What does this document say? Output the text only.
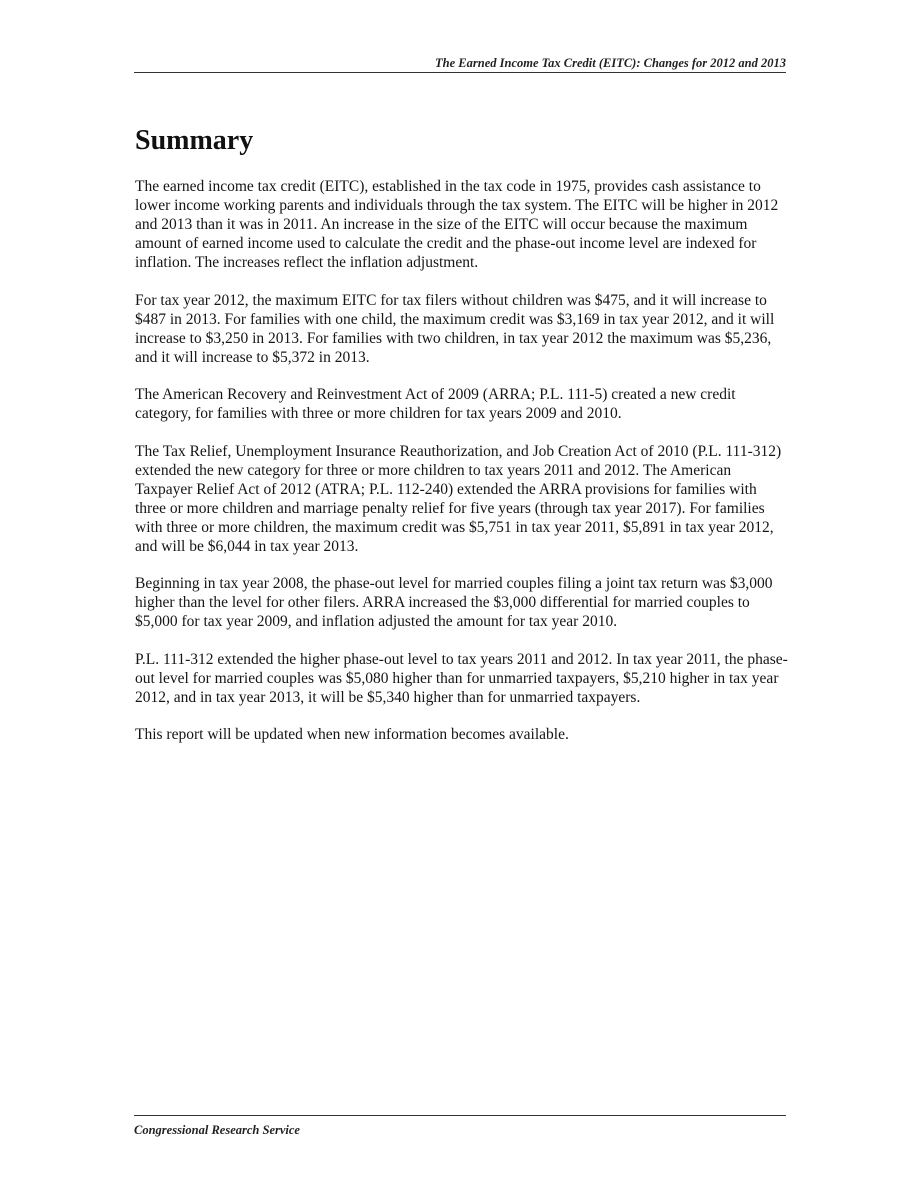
The Earned Income Tax Credit (EITC): Changes for 2012 and 2013
Summary

The earned income tax credit (EITC), established in the tax code in 1975, provides cash assistance to lower income working parents and individuals through the tax system. The EITC will be higher in 2012 and 2013 than it was in 2011. An increase in the size of the EITC will occur because the maximum amount of earned income used to calculate the credit and the phase-out income level are indexed for inflation. The increases reflect the inflation adjustment.

For tax year 2012, the maximum EITC for tax filers without children was $475, and it will increase to $487 in 2013. For families with one child, the maximum credit was $3,169 in tax year 2012, and it will increase to $3,250 in 2013. For families with two children, in tax year 2012 the maximum was $5,236, and it will increase to $5,372 in 2013.

The American Recovery and Reinvestment Act of 2009 (ARRA; P.L. 111-5) created a new credit category, for families with three or more children for tax years 2009 and 2010.

The Tax Relief, Unemployment Insurance Reauthorization, and Job Creation Act of 2010 (P.L. 111-312) extended the new category for three or more children to tax years 2011 and 2012. The American Taxpayer Relief Act of 2012 (ATRA; P.L. 112-240) extended the ARRA provisions for families with three or more children and marriage penalty relief for five years (through tax year 2017). For families with three or more children, the maximum credit was $5,751 in tax year 2011, $5,891 in tax year 2012, and will be $6,044 in tax year 2013.

Beginning in tax year 2008, the phase-out level for married couples filing a joint tax return was $3,000 higher than the level for other filers. ARRA increased the $3,000 differential for married couples to $5,000 for tax year 2009, and inflation adjusted the amount for tax year 2010.

P.L. 111-312 extended the higher phase-out level to tax years 2011 and 2012. In tax year 2011, the phase-out level for married couples was $5,080 higher than for unmarried taxpayers, $5,210 higher in tax year 2012, and in tax year 2013, it will be $5,340 higher than for unmarried taxpayers.

This report will be updated when new information becomes available.

Congressional Research Service
